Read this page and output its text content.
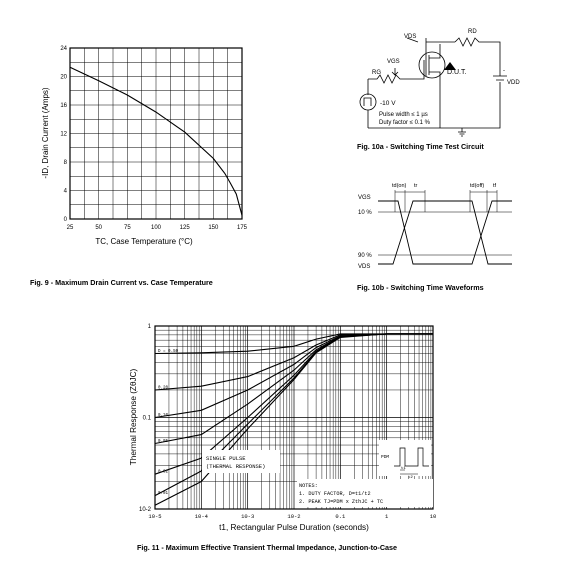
25	50	75	100	125	150	175
0
4
8
12
16
20
24
TC, Case Temperature (°C)
-ID, Drain Current (Amps)
Fig. 9 - Maximum Drain Current vs. Case Temperature
VDS
RD
VGS
RG	D.U.T.	-
VDD
-10 V
Pulse width ≤ 1 µs
Duty factor ≤ 0.1 %
Fig. 10a - Switching Time Test Circuit
VGS
10 %
90 %
VDS
td(on) tr	td(off) tf
Fig. 10b - Switching Time Waveforms
10-5	10-4	10-3	10-2	0.1	1	10
10-2
0.1
1
SINGLE PULSE
(THERMAL RESPONSE)
NOTES:
1. DUTY FACTOR, D=t1/t2
2. PEAK TJ=PDM x ZthJC + TC
PDM
t1
t2
D = 0.50
0.20
0.10
0.05
0.02
0.01
t1, Rectangular Pulse Duration (seconds)
Thermal Response (ZθJC)
Fig. 11 - Maximum Effective Transient Thermal Impedance, Junction-to-Case
